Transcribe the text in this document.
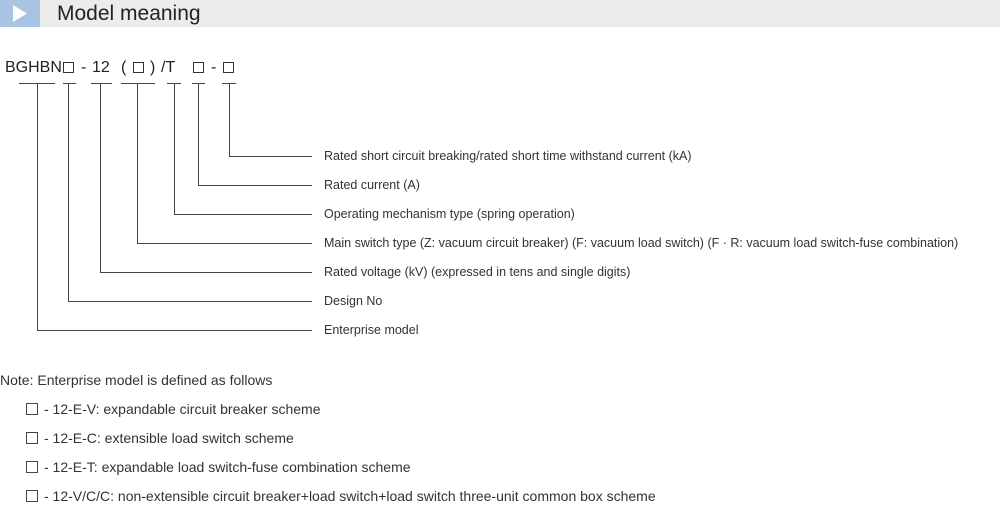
Model meaning
BGHBN - 12 ( ) /T -
Rated short circuit breaking/rated short time withstand current (kA)
Rated current (A)
Operating mechanism type (spring operation)
Main switch type (Z: vacuum circuit breaker) (F: vacuum load switch) (F · R: vacuum load switch-fuse combination)
Rated voltage (kV) (expressed in tens and single digits)
Design No
Enterprise model
Note: Enterprise model is defined as follows
- 12-E-V: expandable circuit breaker scheme
- 12-E-C: extensible load switch scheme
- 12-E-T: expandable load switch-fuse combination scheme
- 12-V/C/C: non-extensible circuit breaker+load switch+load switch three-unit common box scheme
